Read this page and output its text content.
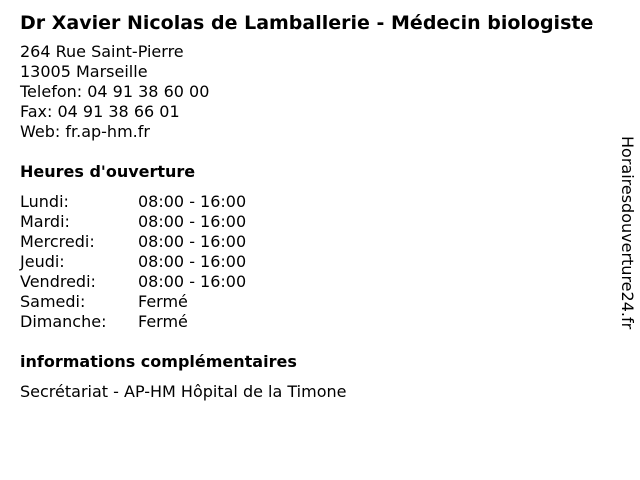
Dr Xavier Nicolas de Lamballerie - Médecin biologiste
264 Rue Saint-Pierre
13005 Marseille
Telefon: 04 91 38 60 00
Fax: 04 91 38 66 01
Web: fr.ap-hm.fr
Heures d'ouverture
Lundi:	08:00 - 16:00
Mardi:	08:00 - 16:00
Mercredi:	08:00 - 16:00
Jeudi:	08:00 - 16:00
Vendredi:	08:00 - 16:00
Samedi:	Fermé
Dimanche:	Fermé
informations complémentaires
Secrétariat - AP-HM Hôpital de la Timone
Horairesdouverture24.fr
